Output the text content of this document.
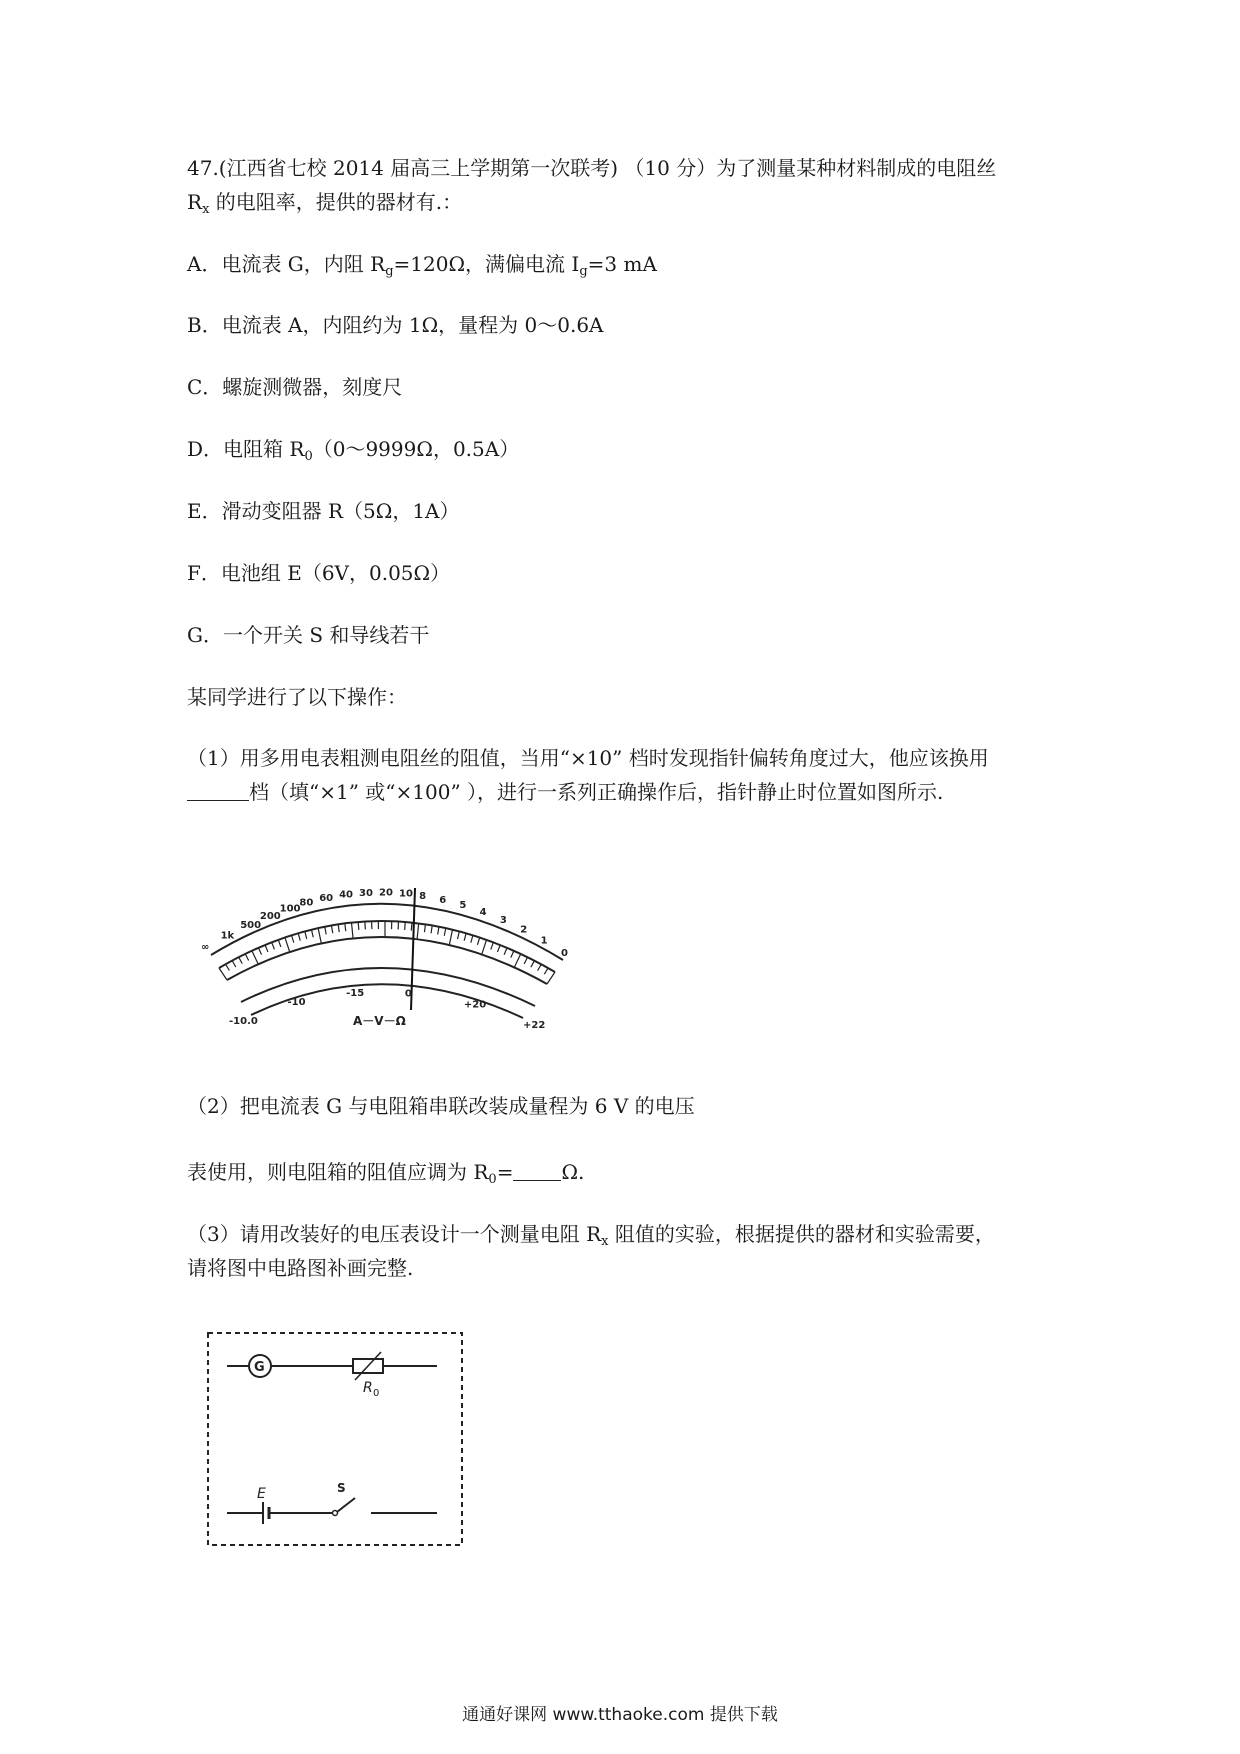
47.(江西省七校 2014 届高三上学期第一次联考) （10 分）为了测量某种材料制成的电阻丝
$R_x$ 的电阻率，提供的器材有.：
A．电流表 G，内阻 $R_g=120\Omega$，满偏电流 $I_g=3$ mA
B．电流表 A，内阻约为 1Ω，量程为 0～0.6A
C．螺旋测微器，刻度尺
D．电阻箱 $R_0(0\sim 9999\Omega$，0.5A）
E．滑动变阻器 R（5Ω，1A）
F．电池组 E（6V，0.05Ω）
G．一个开关 S 和导线若干
某同学进行了以下操作：
（1）用多用电表粗测电阻丝的阻值，当用“×10” 档时发现指针偏转角度过大，他应该换用
档（填“×1” 或“×100” ），进行一系列正确操作后，指针静止时位置如图所示.
A－V－Ω
∞
1k
500
200
100
80 60 40 30 20 10 8 6 5
4
3
2
1
0
-10.0
-10
-15	0
+20
+22
（2）把电流表 G 与电阻箱串联改装成量程为 6 V 的电压
表使用，则电阻箱的阻值应调为 $R_0= \Omega$.
（3）请用改装好的电压表设计一个测量电阻 $R_x$ 阻值的实验，根据提供的器材和实验需要，
请将图中电路图补画完整.
G
R 0
E	S
通通好课网 www.tthaoke.com 提供下载
